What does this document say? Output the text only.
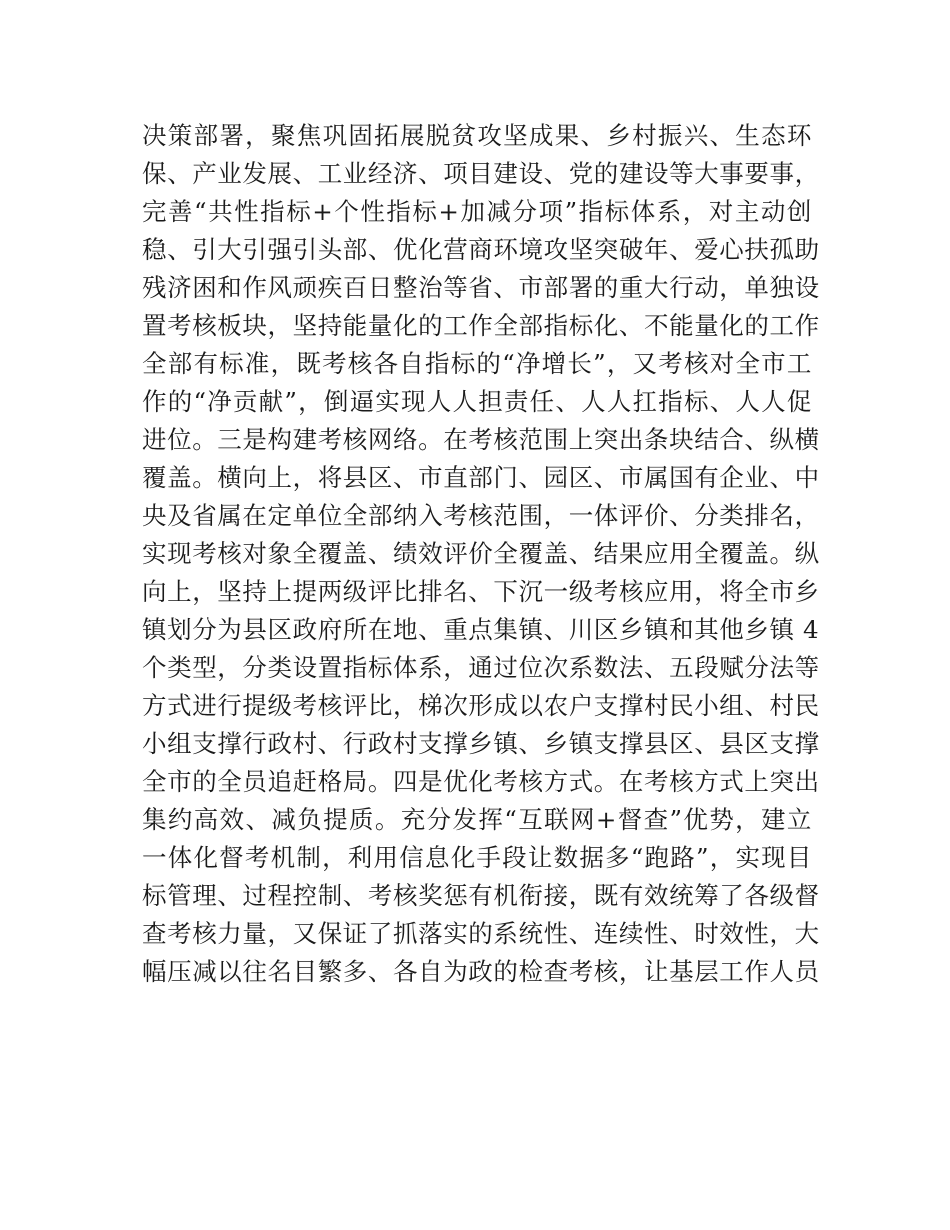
决策部署，聚焦巩固拓展脱贫攻坚成果、乡村振兴、生态环
保、产业发展、工业经济、项目建设、党的建设等大事要事，
完善“共性指标+个性指标+加减分项”指标体系，对主动创
稳、引大引强引头部、优化营商环境攻坚突破年、爱心扶孤助
残济困和作风顽疾百日整治等省、市部署的重大行动，单独设
置考核板块，坚持能量化的工作全部指标化、不能量化的工作
全部有标准，既考核各自指标的“净增长”，又考核对全市工
作的“净贡献”，倒逼实现人人担责任、人人扛指标、人人促
进位。三是构建考核网络。在考核范围上突出条块结合、纵横
覆盖。横向上，将县区、市直部门、园区、市属国有企业、中
央及省属在定单位全部纳入考核范围，一体评价、分类排名，
实现考核对象全覆盖、绩效评价全覆盖、结果应用全覆盖。纵
向上，坚持上提两级评比排名、下沉一级考核应用，将全市乡
镇划分为县区政府所在地、重点集镇、川区乡镇和其他乡镇 4
个类型，分类设置指标体系，通过位次系数法、五段赋分法等
方式进行提级考核评比，梯次形成以农户支撑村民小组、村民
小组支撑行政村、行政村支撑乡镇、乡镇支撑县区、县区支撑
全市的全员追赶格局。四是优化考核方式。在考核方式上突出
集约高效、减负提质。充分发挥“互联网+督查”优势，建立
一体化督考机制，利用信息化手段让数据多“跑路”，实现目
标管理、过程控制、考核奖惩有机衔接，既有效统筹了各级督
查考核力量，又保证了抓落实的系统性、连续性、时效性，大
幅压减以往名目繁多、各自为政的检查考核，让基层工作人员
